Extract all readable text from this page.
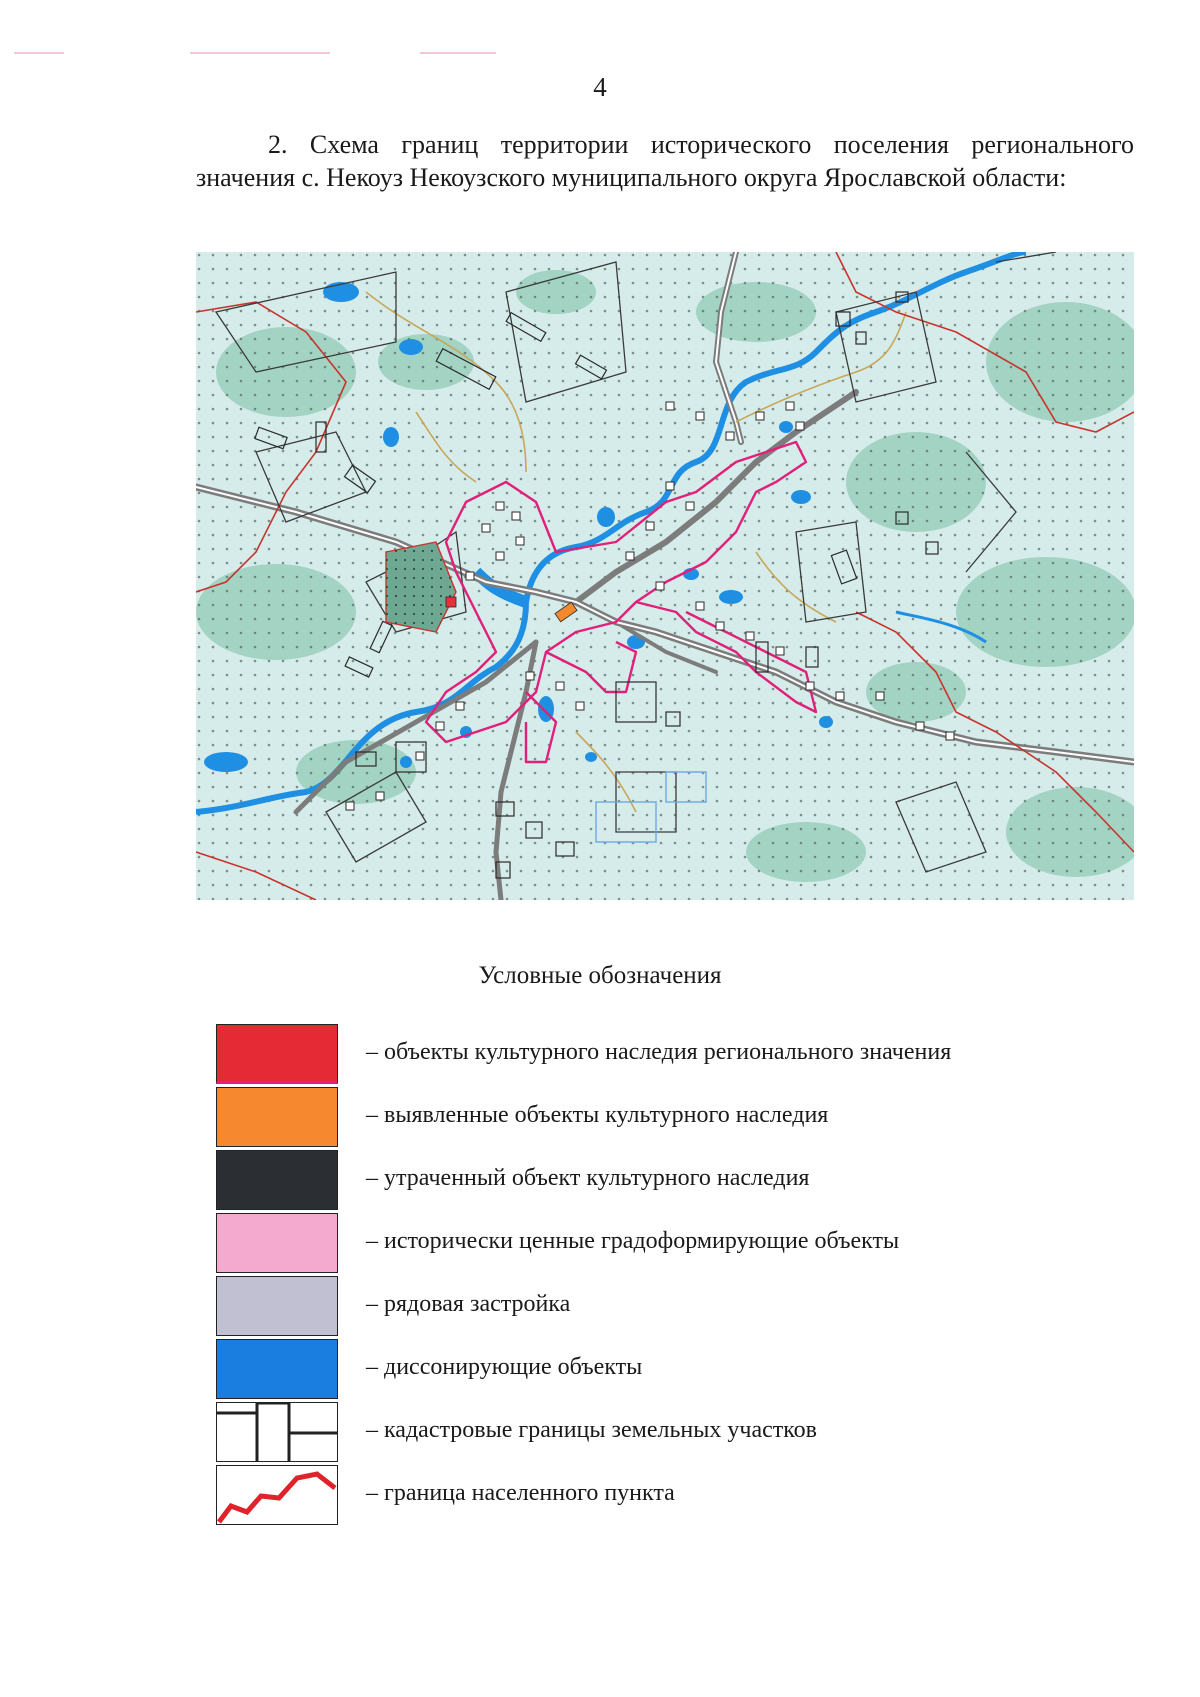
4

2. Схема границ территории исторического поселения регионального значения с. Некоуз Некоузского муниципального округа Ярославской области:

Условные обозначения
– объекты культурного наследия регионального значения
– выявленные объекты культурного наследия
– утраченный объект культурного наследия
– исторически ценные градоформирующие объекты
– рядовая застройка
– диссонирующие объекты
– кадастровые границы земельных участков
– граница населенного пункта
